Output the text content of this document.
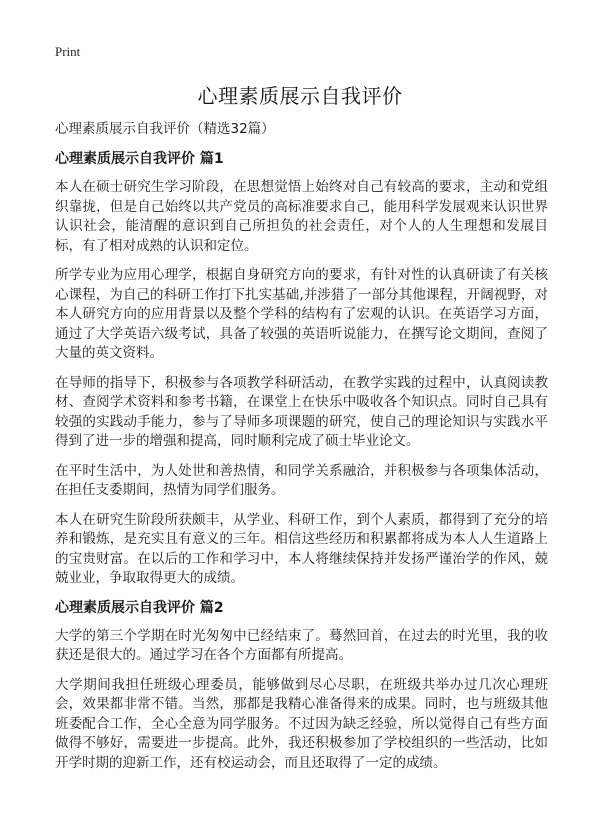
Print
心理素质展示自我评价

心理素质展示自我评价（精选32篇）

心理素质展示自我评价 篇1

本人在硕士研究生学习阶段，在思想觉悟上始终对自己有较高的要求，主动和党组织靠拢，但是自己始终以共产党员的高标准要求自己，能用科学发展观来认识世界认识社会，能清醒的意识到自己所担负的社会责任，对个人的人生理想和发展目标，有了相对成熟的认识和定位。

所学专业为应用心理学，根据自身研究方向的要求，有针对性的认真研读了有关核心课程，为自己的科研工作打下扎实基础,并涉猎了一部分其他课程，开阔视野，对本人研究方向的应用背景以及整个学科的结构有了宏观的认识。在英语学习方面，通过了大学英语六级考试，具备了较强的英语听说能力，在撰写论文期间，查阅了大量的英文资料。

在导师的指导下，积极参与各项教学科研活动，在教学实践的过程中，认真阅读教材、查阅学术资料和参考书籍，在课堂上在快乐中吸收各个知识点。同时自己具有较强的实践动手能力，参与了导师多项课题的研究，使自己的理论知识与实践水平得到了进一步的增强和提高，同时顺利完成了硕士毕业论文。

在平时生活中，为人处世和善热情，和同学关系融洽，并积极参与各项集体活动，在担任支委期间，热情为同学们服务。

本人在研究生阶段所获颇丰，从学业、科研工作，到个人素质，都得到了充分的培养和锻炼，是充实且有意义的三年。相信这些经历和积累都将成为本人人生道路上的宝贵财富。在以后的工作和学习中，本人将继续保持并发扬严谨治学的作风，兢兢业业，争取取得更大的成绩。

心理素质展示自我评价 篇2

大学的第三个学期在时光匆匆中已经结束了。蓦然回首，在过去的时光里，我的收获还是很大的。通过学习在各个方面都有所提高。

大学期间我担任班级心理委员，能够做到尽心尽职，在班级共举办过几次心理班会，效果都非常不错。当然，那都是我精心准备得来的成果。同时，也与班级其他班委配合工作，全心全意为同学服务。不过因为缺乏经验，所以觉得自己有些方面做得不够好，需要进一步提高。此外，我还积极参加了学校组织的一些活动，比如开学时期的迎新工作，还有校运动会，而且还取得了一定的成绩。
